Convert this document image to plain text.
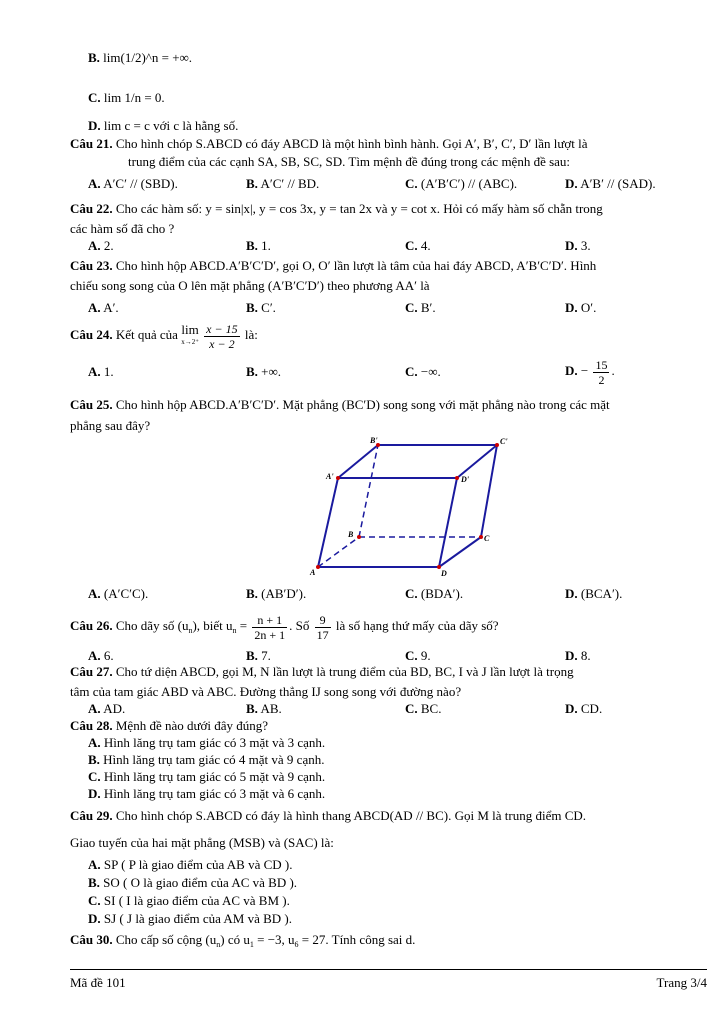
B. lim(1/2)^n = +∞.
C. lim 1/n = 0.
D. lim c = c với c là hằng số.
Câu 21. Cho hình chóp S.ABCD có đáy ABCD là một hình bình hành. Gọi A′, B′, C′, D′ lần lượt là
trung điểm của các cạnh SA, SB, SC, SD. Tìm mệnh đề đúng trong các mệnh đề sau:
A. A′C′ // (SBD).	B. A′C′ // BD.	C. (A′B′C′) // (ABC).	D. A′B′ // (SAD).
Câu 22. Cho các hàm số: y = sin|x|, y = cos 3x, y = tan 2x và y = cot x. Hỏi có mấy hàm số chẵn trong
các hàm số đã cho ?
A. 2.	B. 1.	C. 4.	D. 3.
Câu 23. Cho hình hộp ABCD.A′B′C′D′, gọi O, O′ lần lượt là tâm của hai đáy ABCD, A′B′C′D′. Hình
chiếu song song của O lên mặt phẳng (A′B′C′D′) theo phương AA′ là
A. A′.	B. C′.	C. B′.	D. O′.
Câu 24. Kết quả của lim
x→2⁺
$\frac{x - 15}{x - 2}$ là:
A. 1.	B. +∞.	C. −∞.	D. − $\frac{15}{2}$ .
Câu 25. Cho hình hộp ABCD.A′B′C′D′. Mặt phẳng (BC′D) song song với mặt phẳng nào trong các mặt
phẳng sau đây?
B'	C'
A'	D'
B	C
A	D
A. (A′C′C).	B. (AB′D′).	C. (BDA′).	D. (BCA′).
Câu 26. Cho dãy số $(u_n)$, biết $u_n = \frac{n + 1}{2n + 1}$ . Số $\frac{9}{17}$ là số hạng thứ mấy của dãy số?
A. 6.	B. 7.	C. 9.	D. 8.
Câu 27. Cho tứ diện ABCD, gọi M, N lần lượt là trung điểm của BD, BC, I và J lần lượt là trọng
tâm của tam giác ABD và ABC. Đường thẳng IJ song song với đường nào?
A. AD.	B. AB.	C. BC.	D. CD.
Câu 28. Mệnh đề nào dưới đây đúng?
A. Hình lăng trụ tam giác có 3 mặt và 3 cạnh.
B. Hình lăng trụ tam giác có 4 mặt và 9 cạnh.
C. Hình lăng trụ tam giác có 5 mặt và 9 cạnh.
D. Hình lăng trụ tam giác có 3 mặt và 6 cạnh.
Câu 29. Cho hình chóp S.ABCD có đáy là hình thang ABCD(AD // BC). Gọi M là trung điểm CD.
Giao tuyến của hai mặt phẳng (MSB) và (SAC) là:
A. SP ( P là giao điểm của AB và CD ).
B. SO ( O là giao điểm của AC và BD ).
C. SI ( I là giao điểm của AC và BM ).
D. SJ ( J là giao điểm của AM và BD ).
Câu 30. Cho cấp số cộng $(u_n)$ có $u_1 = -3$, $u_6 = 27$. Tính công sai d.
Mã đề 101	Trang 3/4
